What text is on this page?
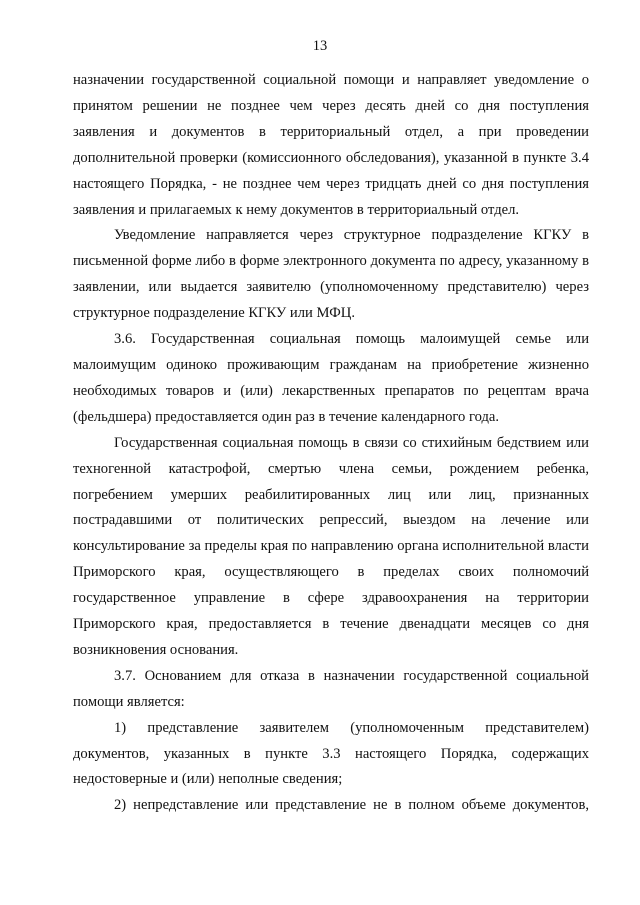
13

назначении государственной социальной помощи и направляет уведомление о принятом решении не позднее чем через десять дней со дня поступления заявления и документов в территориальный отдел, а при проведении дополнительной проверки (комиссионного обследования), указанной в пункте 3.4 настоящего Порядка, - не позднее чем через тридцать дней со дня поступления заявления и прилагаемых к нему документов в территориальный отдел.

Уведомление направляется через структурное подразделение КГКУ в письменной форме либо в форме электронного документа по адресу, указанному в заявлении, или выдается заявителю (уполномоченному представителю) через структурное подразделение КГКУ или МФЦ.

3.6. Государственная социальная помощь малоимущей семье или малоимущим одиноко проживающим гражданам на приобретение жизненно необходимых товаров и (или) лекарственных препаратов по рецептам врача (фельдшера) предоставляется один раз в течение календарного года.

Государственная социальная помощь в связи со стихийным бедствием или техногенной катастрофой, смертью члена семьи, рождением ребенка, погребением умерших реабилитированных лиц или лиц, признанных пострадавшими от политических репрессий, выездом на лечение или консультирование за пределы края по направлению органа исполнительной власти Приморского края, осуществляющего в пределах своих полномочий государственное управление в сфере здравоохранения на территории Приморского края, предоставляется в течение двенадцати месяцев со дня возникновения основания.

3.7. Основанием для отказа в назначении государственной социальной помощи является:

1) представление заявителем (уполномоченным представителем) документов, указанных в пункте 3.3 настоящего Порядка, содержащих недостоверные и (или) неполные сведения;

2) непредставление или представление не в полном объеме документов,
